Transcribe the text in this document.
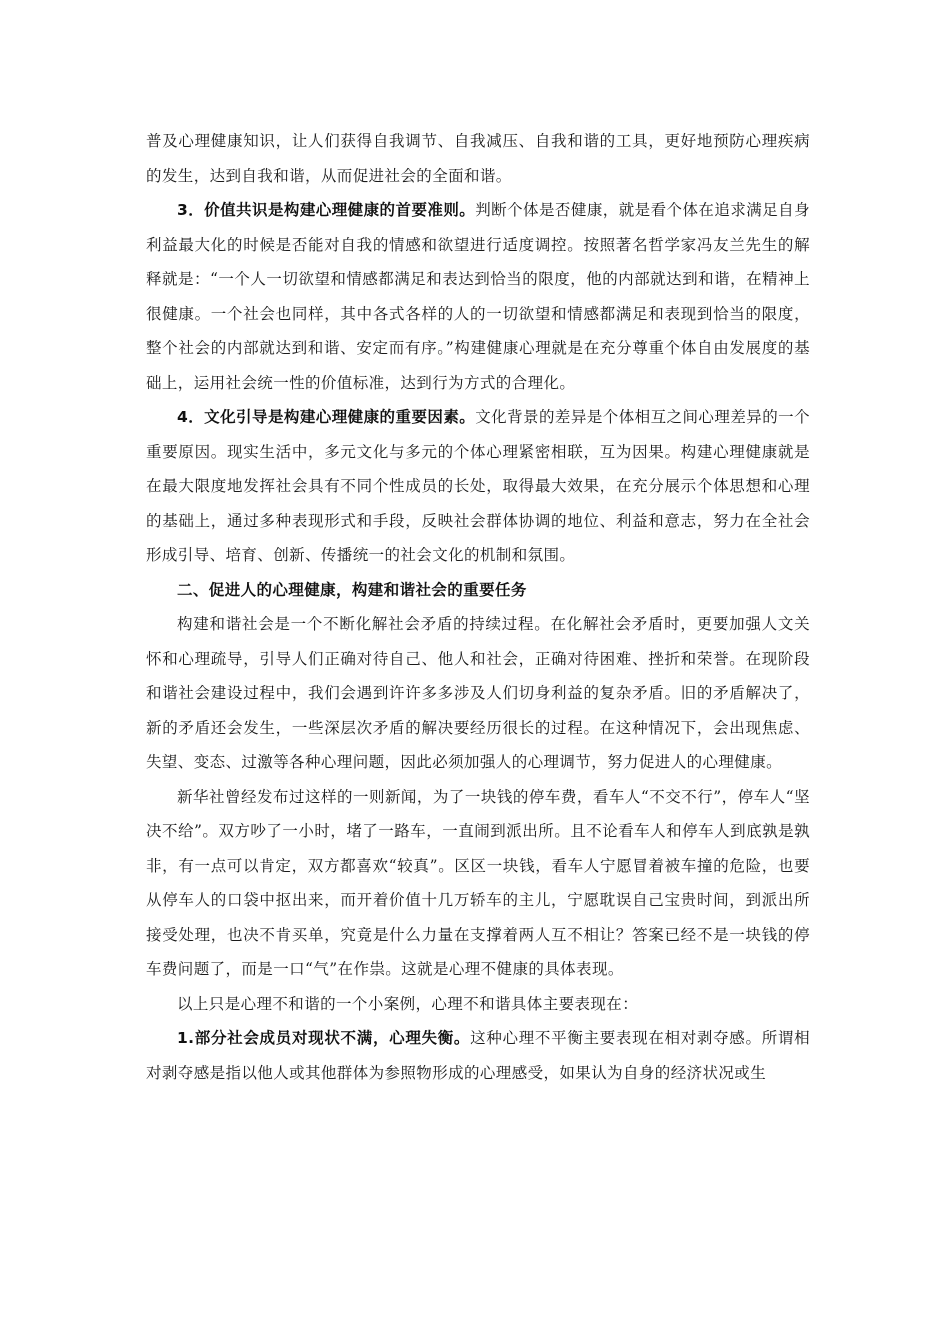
普及心理健康知识，让人们获得自我调节、自我减压、自我和谐的工具，更好地预防心理疾病的发生，达到自我和谐，从而促进社会的全面和谐。

3．价值共识是构建心理健康的首要准则。判断个体是否健康，就是看个体在追求满足自身利益最大化的时候是否能对自我的情感和欲望进行适度调控。按照著名哲学家冯友兰先生的解释就是：“一个人一切欲望和情感都满足和表达到恰当的限度，他的内部就达到和谐，在精神上很健康。一个社会也同样，其中各式各样的人的一切欲望和情感都满足和表现到恰当的限度，整个社会的内部就达到和谐、安定而有序。”构建健康心理就是在充分尊重个体自由发展度的基础上，运用社会统一性的价值标准，达到行为方式的合理化。

4．文化引导是构建心理健康的重要因素。文化背景的差异是个体相互之间心理差异的一个重要原因。现实生活中，多元文化与多元的个体心理紧密相联，互为因果。构建心理健康就是在最大限度地发挥社会具有不同个性成员的长处，取得最大效果，在充分展示个体思想和心理的基础上，通过多种表现形式和手段，反映社会群体协调的地位、利益和意志，努力在全社会形成引导、培育、创新、传播统一的社会文化的机制和氛围。

二、促进人的心理健康，构建和谐社会的重要任务

构建和谐社会是一个不断化解社会矛盾的持续过程。在化解社会矛盾时，更要加强人文关怀和心理疏导，引导人们正确对待自己、他人和社会，正确对待困难、挫折和荣誉。在现阶段和谐社会建设过程中，我们会遇到许许多多涉及人们切身利益的复杂矛盾。旧的矛盾解决了，新的矛盾还会发生，一些深层次矛盾的解决要经历很长的过程。在这种情况下，会出现焦虑、失望、变态、过激等各种心理问题，因此必须加强人的心理调节，努力促进人的心理健康。

新华社曾经发布过这样的一则新闻，为了一块钱的停车费，看车人“不交不行”，停车人“坚决不给”。双方吵了一小时，堵了一路车，一直闹到派出所。且不论看车人和停车人到底孰是孰非，有一点可以肯定，双方都喜欢“较真”。区区一块钱，看车人宁愿冒着被车撞的危险，也要从停车人的口袋中抠出来，而开着价值十几万轿车的主儿，宁愿耽误自己宝贵时间，到派出所接受处理，也决不肯买单，究竟是什么力量在支撑着两人互不相让？答案已经不是一块钱的停车费问题了，而是一口“气”在作祟。这就是心理不健康的具体表现。

以上只是心理不和谐的一个小案例，心理不和谐具体主要表现在：

1.部分社会成员对现状不满，心理失衡。这种心理不平衡主要表现在相对剥夺感。所谓相对剥夺感是指以他人或其他群体为参照物形成的心理感受，如果认为自身的经济状况或生
